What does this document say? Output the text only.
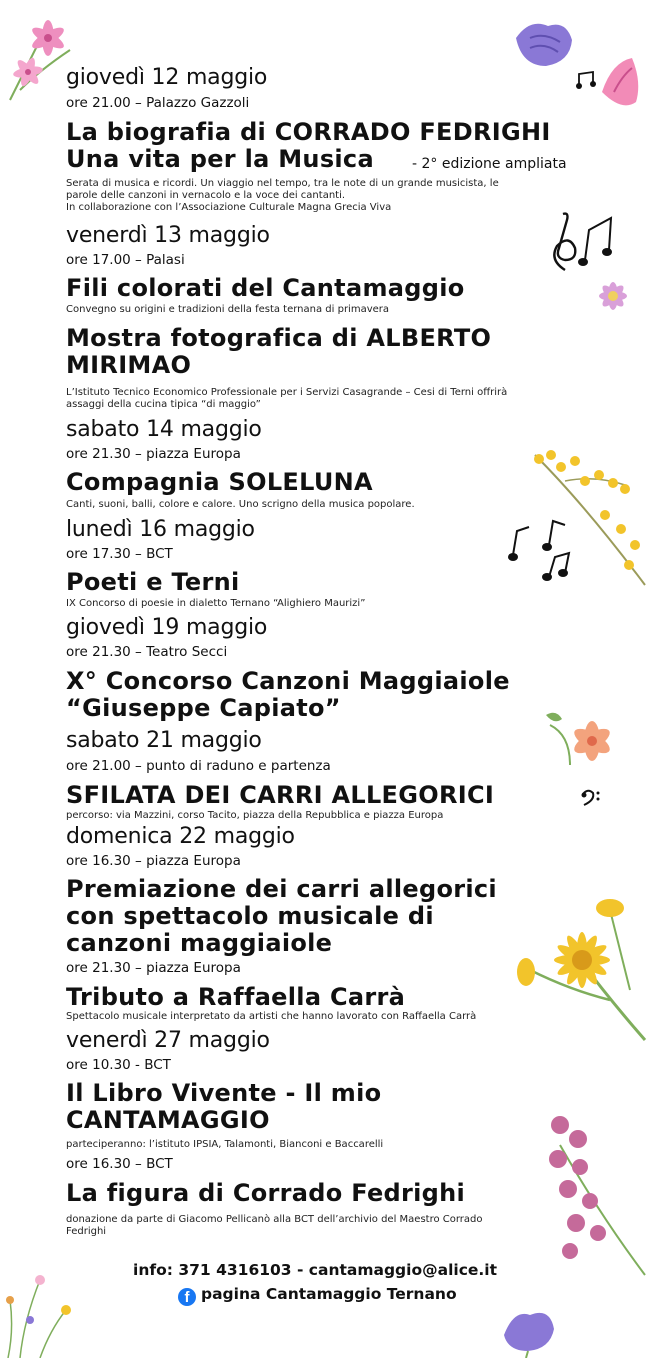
giovedì 12 maggio
ore 21.00 – Palazzo Gazzoli
La biografia di CORRADO FEDRIGHI
Una vita per la Musica	- 2° edizione ampliata
Serata di musica e ricordi. Un viaggio nel tempo, tra le note di un grande musicista, le
parole delle canzoni in vernacolo e la voce dei cantanti.
In collaborazione con l’Associazione Culturale Magna Grecia Viva
venerdì 13 maggio
ore 17.00 – Palasi
Fili colorati del Cantamaggio
Convegno su origini e tradizioni della festa ternana di primavera
Mostra fotografica di ALBERTO
MIRIMAO
L’Istituto Tecnico Economico Professionale per i Servizi Casagrande – Cesi di Terni offrirà
assaggi della cucina tipica “di maggio”
sabato 14 maggio
ore 21.30 – piazza Europa
Compagnia SOLELUNA
Canti, suoni, balli, colore e calore. Uno scrigno della musica popolare.
lunedì 16 maggio
ore 17.30 – BCT
Poeti e Terni
IX Concorso di poesie in dialetto Ternano “Alighiero Maurizi”
giovedì 19 maggio
ore 21.30 – Teatro Secci
X° Concorso Canzoni Maggiaiole
“Giuseppe Capiato”
sabato 21 maggio
ore 21.00 – punto di raduno e partenza
SFILATA DEI CARRI ALLEGORICI
percorso: via Mazzini, corso Tacito, piazza della Repubblica e piazza Europa
domenica 22 maggio
ore 16.30 – piazza Europa
Premiazione dei carri allegorici
con spettacolo musicale di
canzoni maggiaiole
ore 21.30 – piazza Europa
Tributo a Raffaella Carrà
Spettacolo musicale interpretato da artisti che hanno lavorato con Raffaella Carrà
venerdì 27 maggio
ore 10.30 - BCT
Il Libro Vivente - Il mio
CANTAMAGGIO
parteciperanno: l’istituto IPSIA, Talamonti, Bianconi e Baccarelli
ore 16.30 – BCT
La figura di Corrado Fedrighi
donazione da parte di Giacomo Pellicanò alla BCT dell’archivio del Maestro Corrado
Fedrighi
info: 371 4316103 - cantamaggio@alice.it
f pagina Cantamaggio Ternano
